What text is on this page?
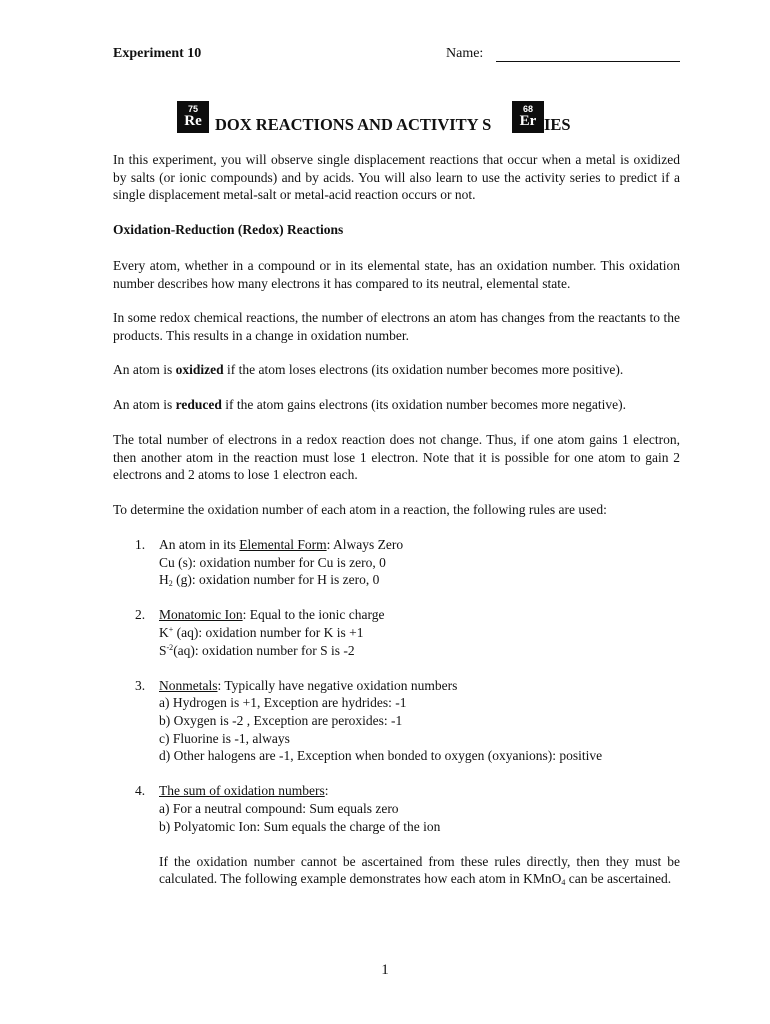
Experiment 10	Name:
75
Re DOX REACTIONS AND ACTIVITY S
68
Er IES

In this experiment, you will observe single displacement reactions that occur when a metal is oxidized by salts (or ionic compounds) and by acids. You will also learn to use the activity series to predict if a single displacement metal-salt or metal-acid reaction occurs or not.

Oxidation-Reduction (Redox) Reactions

Every atom, whether in a compound or in its elemental state, has an oxidation number. This oxidation number describes how many electrons it has compared to its neutral, elemental state.

In some redox chemical reactions, the number of electrons an atom has changes from the reactants to the products. This results in a change in oxidation number.

An atom is oxidized if the atom loses electrons (its oxidation number becomes more positive).

An atom is reduced if the atom gains electrons (its oxidation number becomes more negative).

The total number of electrons in a redox reaction does not change. Thus, if one atom gains 1 electron, then another atom in the reaction must lose 1 electron. Note that it is possible for one atom to gain 2 electrons and 2 atoms to lose 1 electron each.

To determine the oxidation number of each atom in a reaction, the following rules are used:

1. An atom in its Elemental Form: Always Zero
Cu (s): oxidation number for Cu is zero, 0
$H_2$ (g): oxidation number for H is zero, 0
2. Monatomic Ion: Equal to the ionic charge
K+ (aq): oxidation number for K is +1
$S^{-2}(aq)$: oxidation number for S is -2
3. Nonmetals: Typically have negative oxidation numbers
a) Hydrogen is +1, Exception are hydrides: -1
b) Oxygen is -2 , Exception are peroxides: -1
c) Fluorine is -1, always
d) Other halogens are -1, Exception when bonded to oxygen (oxyanions): positive
4. The sum of oxidation numbers:
a) For a neutral compound: Sum equals zero
b) Polyatomic Ion: Sum equals the charge of the ion
If the oxidation number cannot be ascertained from these rules directly, then they must be calculated. The following example demonstrates how each atom in KMnO$_4$ can be ascertained.
1
